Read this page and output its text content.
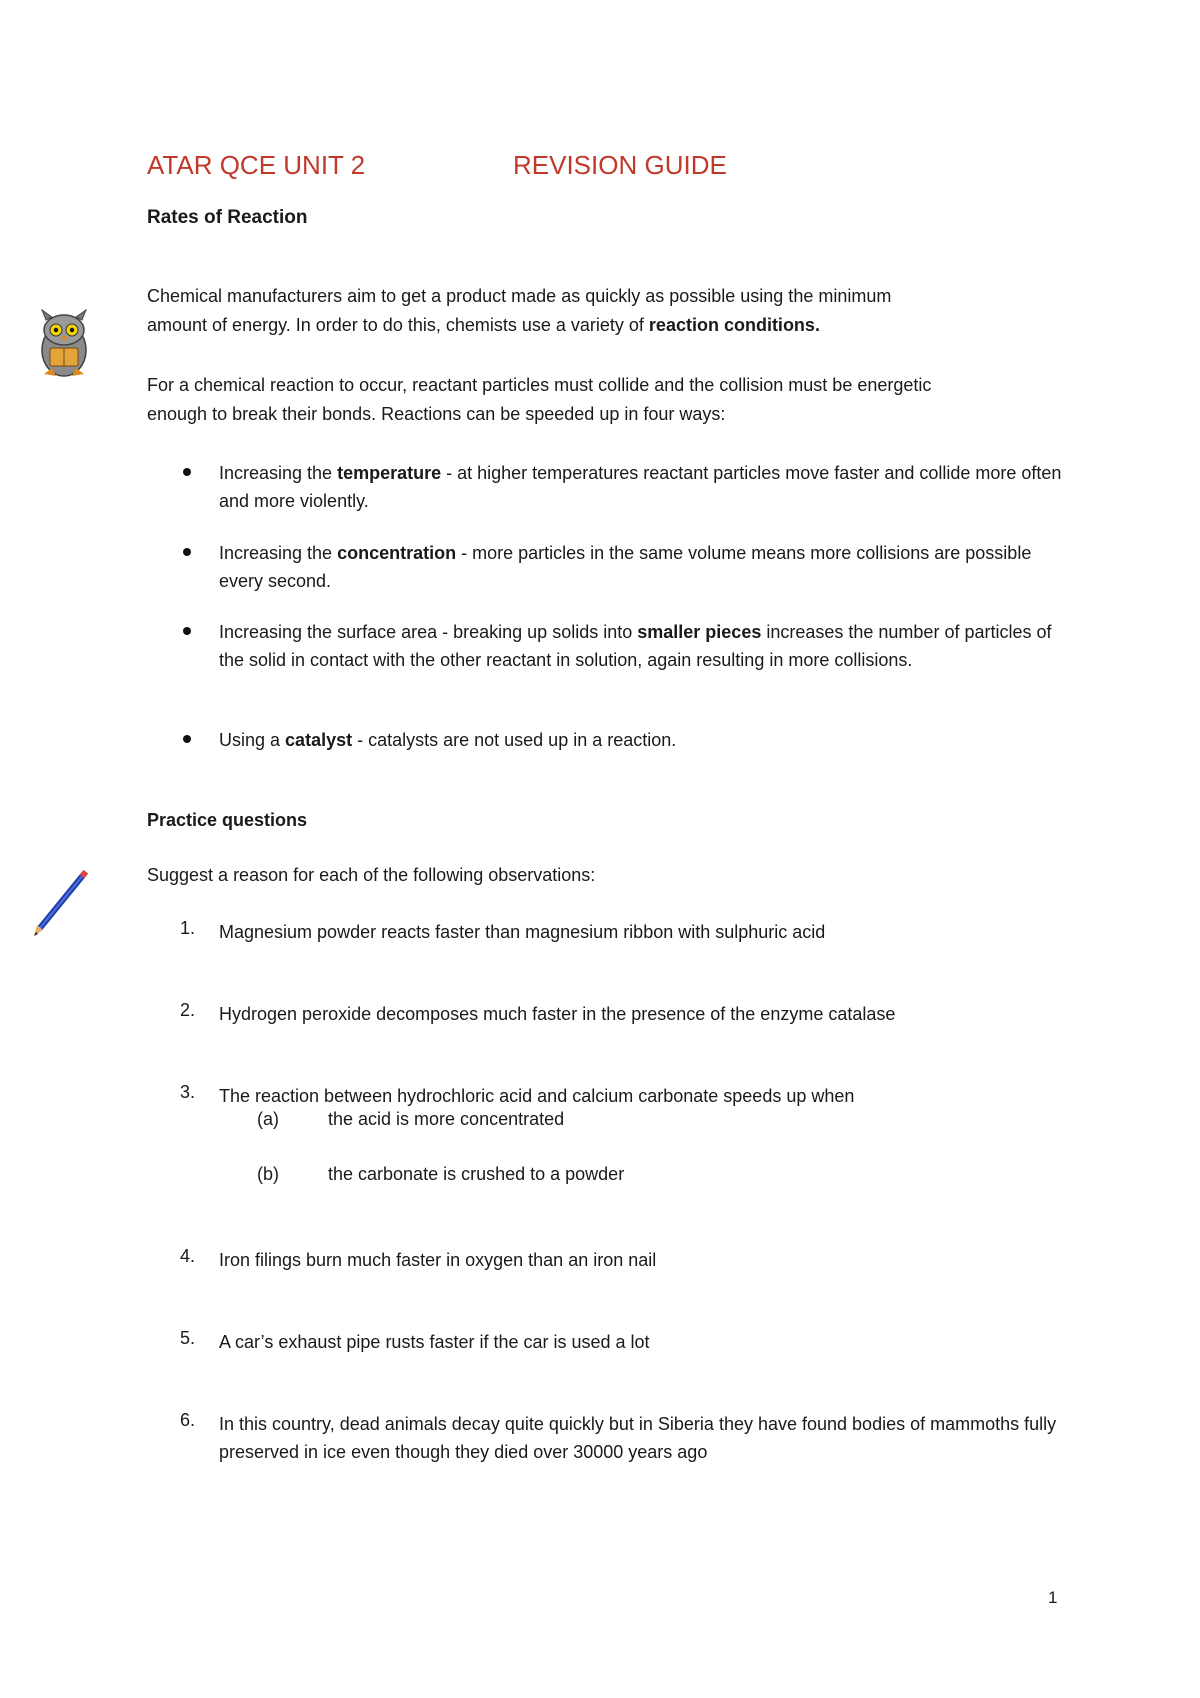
ATAR QCE UNIT 2	REVISION GUIDE
Rates of Reaction
Chemical manufacturers aim to get a product made as quickly as possible using the minimum
amount of energy. In order to do this, chemists use a variety of reaction conditions.
For a chemical reaction to occur, reactant particles must collide and the collision must be energetic
enough to break their bonds. Reactions can be speeded up in four ways:
Increasing the temperature - at higher temperatures reactant particles move faster and collide more often and more violently.
Increasing the concentration - more particles in the same volume means more collisions are possible every second.
Increasing the surface area - breaking up solids into smaller pieces increases the number of particles of the solid in contact with the other reactant in solution, again resulting in more collisions.
Using a catalyst - catalysts are not used up in a reaction.
Practice questions
Suggest a reason for each of the following observations:
1. Magnesium powder reacts faster than magnesium ribbon with sulphuric acid
2. Hydrogen peroxide decomposes much faster in the presence of the enzyme catalase
3. The reaction between hydrochloric acid and calcium carbonate speeds up when
(a)	the acid is more concentrated
(b)	the carbonate is crushed to a powder
4. Iron filings burn much faster in oxygen than an iron nail
5. A car’s exhaust pipe rusts faster if the car is used a lot
6. In this country, dead animals decay quite quickly but in Siberia they have found bodies of mammoths fully preserved in ice even though they died over 30000 years ago
1
